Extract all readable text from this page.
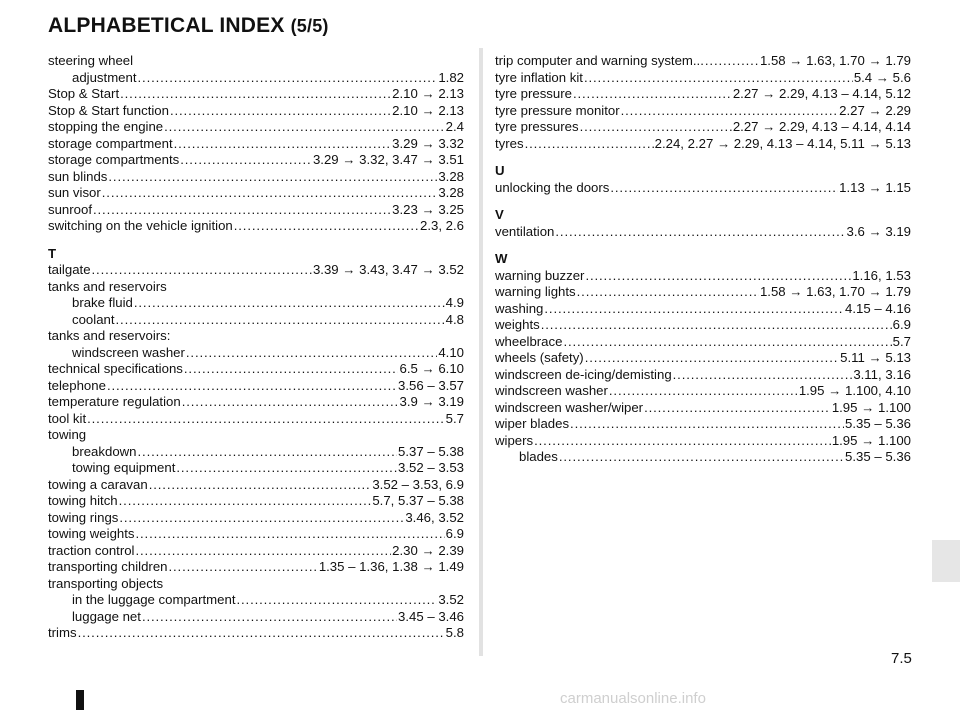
ALPHABETICAL INDEX (5/5)
steering wheel
adjustment . . .	1.82
Stop & Start . . .	2.10 → 2.13
Stop & Start function . . .	2.10 → 2.13
stopping the engine . . .	2.4
storage compartment . . .	3.29 → 3.32
storage compartments . . .	3.29 → 3.32, 3.47 → 3.51
sun blinds . . .	3.28
sun visor . . .	3.28
sunroof . . .	3.23 → 3.25
switching on the vehicle ignition . . .	2.3, 2.6
T
tailgate . . .	3.39 → 3.43, 3.47 → 3.52
tanks and reservoirs
brake fluid . . .	4.9
coolant . . .	4.8
tanks and reservoirs:
windscreen washer . . .	4.10
technical specifications . . .	6.5 → 6.10
telephone . . .	3.56 – 3.57
temperature regulation . . .	3.9 → 3.19
tool kit . . .	5.7
towing
breakdown . . .	5.37 – 5.38
towing equipment . . .	3.52 – 3.53
towing a caravan . . .	3.52 – 3.53, 6.9
towing hitch . . .	5.7, 5.37 – 5.38
towing rings . . .	3.46, 3.52
towing weights . . .	6.9
traction control . . .	2.30 → 2.39
transporting children . . .	1.35 – 1.36, 1.38 → 1.49
transporting objects
in the luggage compartment . . .	3.52
luggage net . . .	3.45 – 3.46
trims . . .	5.8
trip computer and warning system... . . .	1.58 → 1.63, 1.70 → 1.79
tyre inflation kit . . .	5.4 → 5.6
tyre pressure . . .	2.27 → 2.29, 4.13 – 4.14, 5.12
tyre pressure monitor . . .	2.27 → 2.29
tyre pressures . . .	2.27 → 2.29, 4.13 – 4.14, 4.14
tyres . . .	2.24, 2.27 → 2.29, 4.13 – 4.14, 5.11 → 5.13
U
unlocking the doors . . .	1.13 → 1.15
V
ventilation . . .	3.6 → 3.19
W
warning buzzer . . .	1.16, 1.53
warning lights . . .	1.58 → 1.63, 1.70 → 1.79
washing . . .	4.15 – 4.16
weights . . .	6.9
wheelbrace . . .	5.7
wheels (safety) . . .	5.11 → 5.13
windscreen de-icing/demisting . . .	3.11, 3.16
windscreen washer . . .	1.95 → 1.100, 4.10
windscreen washer/wiper . . .	1.95 → 1.100
wiper blades . . .	5.35 – 5.36
wipers . . .	1.95 → 1.100
blades . . .	5.35 – 5.36
7.5
carmanualsonline.info
